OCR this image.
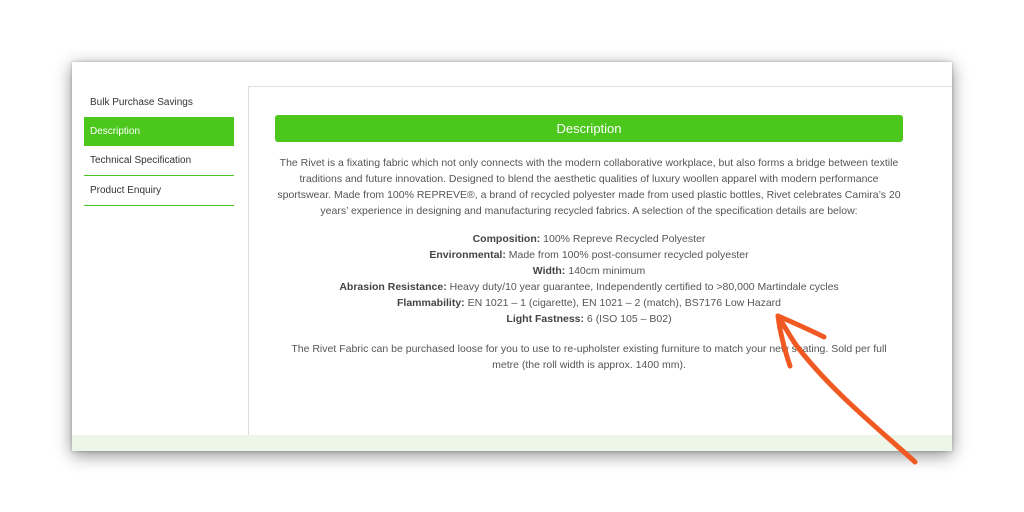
Bulk Purchase Savings
Description
Technical Specification
Product Enquiry
Description

The Rivet is a fixating fabric which not only connects with the modern collaborative workplace, but also forms a bridge between textile traditions and future innovation. Designed to blend the aesthetic qualities of luxury woollen apparel with modern performance sportswear. Made from 100% REPREVE®, a brand of recycled polyester made from used plastic bottles, Rivet celebrates Camira’s 20 years’ experience in designing and manufacturing recycled fabrics. A selection of the specification details are below:

Composition: 100% Repreve Recycled Polyester

Environmental: Made from 100% post-consumer recycled polyester

Width: 140cm minimum

Abrasion Resistance: Heavy duty/10 year guarantee, Independently certified to >80,000 Martindale cycles

Flammability: EN 1021 – 1 (cigarette), EN 1021 – 2 (match), BS7176 Low Hazard

Light Fastness: 6 (ISO 105 – B02)

The Rivet Fabric can be purchased loose for you to use to re-upholster existing furniture to match your new seating. Sold per full metre (the roll width is approx. 1400 mm).
